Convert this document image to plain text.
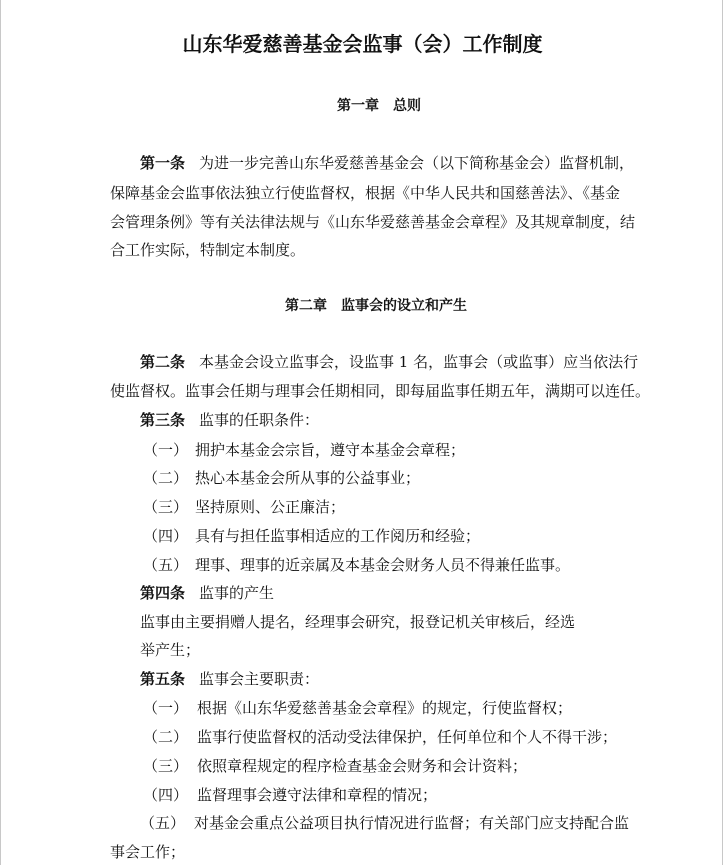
山东华爱慈善基金会监事（会）工作制度
第一章　总则
第一条 为进一步完善山东华爱慈善基金会（以下简称基金会）监督机制，
保障基金会监事依法独立行使监督权，根据《中华人民共和国慈善法》、《基金
会管理条例》等有关法律法规与《山东华爱慈善基金会章程》及其规章制度，结
合工作实际，特制定本制度。
第二章　监事会的设立和产生
第二条 本基金会设立监事会，设监事 1 名，监事会（或监事）应当依法行
使监督权。监事会任期与理事会任期相同，即每届监事任期五年，满期可以连任。
第三条 监事的任职条件：
（一） 拥护本基金会宗旨，遵守本基金会章程；
（二） 热心本基金会所从事的公益事业；
（三） 坚持原则、公正廉洁；
（四） 具有与担任监事相适应的工作阅历和经验；
（五） 理事、理事的近亲属及本基金会财务人员不得兼任监事。
第四条 监事的产生
监事由主要捐赠人提名，经理事会研究，报登记机关审核后，经选
举产生；
第五条 监事会主要职责：
（一） 根据《山东华爱慈善基金会章程》的规定，行使监督权；
（二） 监事行使监督权的活动受法律保护，任何单位和个人不得干涉；
（三） 依照章程规定的程序检查基金会财务和会计资料；
（四） 监督理事会遵守法律和章程的情况；
（五） 对基金会重点公益项目执行情况进行监督；有关部门应支持配合监
事会工作；
